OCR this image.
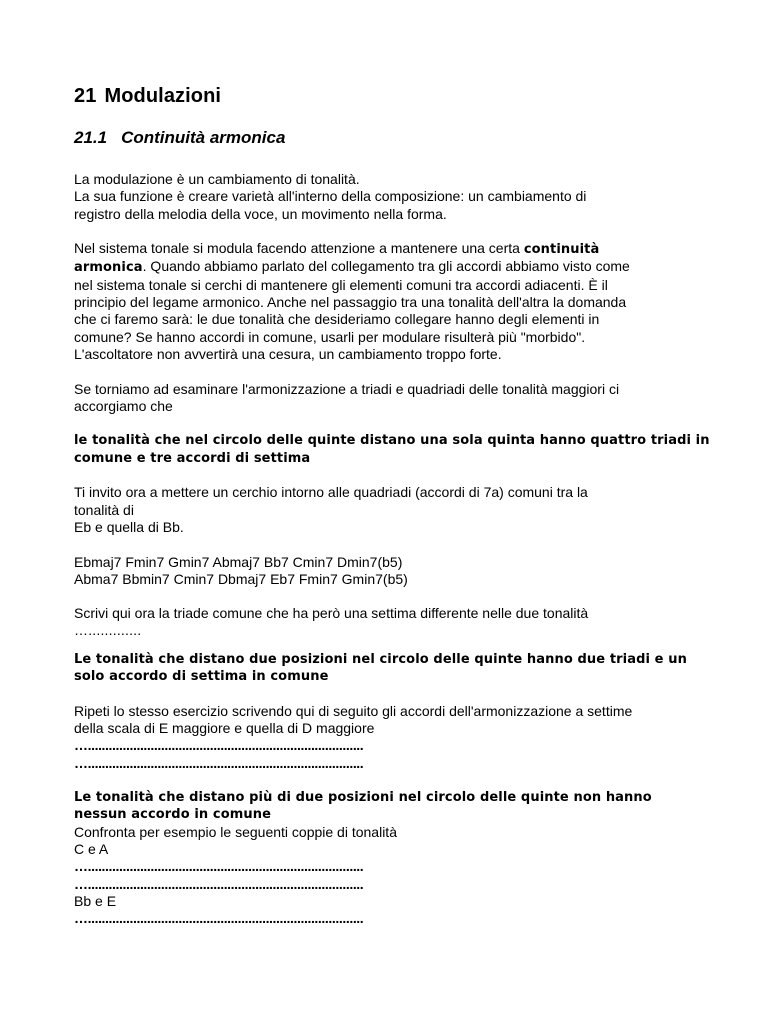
21 Modulazioni
21.1 Continuità armonica
La modulazione è un cambiamento di tonalità.
La sua funzione è creare varietà all'interno della composizione: un cambiamento di
registro della melodia della voce, un movimento nella forma.
Nel sistema tonale si modula facendo attenzione a mantenere una certa continuità
armonica. Quando abbiamo parlato del collegamento tra gli accordi abbiamo visto come
nel sistema tonale si cerchi di mantenere gli elementi comuni tra accordi adiacenti. È il
principio del legame armonico. Anche nel passaggio tra una tonalità dell'altra la domanda
che ci faremo sarà: le due tonalità che desideriamo collegare hanno degli elementi in
comune? Se hanno accordi in comune, usarli per modulare risulterà più "morbido".
L'ascoltatore non avvertirà una cesura, un cambiamento troppo forte.
Se torniamo ad esaminare l'armonizzazione a triadi e quadriadi delle tonalità maggiori ci
accorgiamo che
le tonalità che nel circolo delle quinte distano una sola quinta hanno quattro triadi in
comune e tre accordi di settima
Ti invito ora a mettere un cerchio intorno alle quadriadi (accordi di 7a) comuni tra la
tonalità di
Eb e quella di Bb.
Ebmaj7 Fmin7 Gmin7 Abmaj7 Bb7 Cmin7 Dmin7(b5)
Abma7 Bbmin7 Cmin7 Dbmaj7 Eb7 Fmin7 Gmin7(b5)
Scrivi qui ora la triade comune che ha però una settima differente nelle due tonalità
….............
Le tonalità che distano due posizioni nel circolo delle quinte hanno due triadi e un
solo accordo di settima in comune
Ripeti lo stesso esercizio scrivendo qui di seguito gli accordi dell'armonizzazione a settime
della scala di E maggiore e quella di D maggiore
…...............................................................................
…...............................................................................
Le tonalità che distano più di due posizioni nel circolo delle quinte non hanno
nessun accordo in comune
Confronta per esempio le seguenti coppie di tonalità
C e A
…...............................................................................
…...............................................................................
Bb e E
…...............................................................................
